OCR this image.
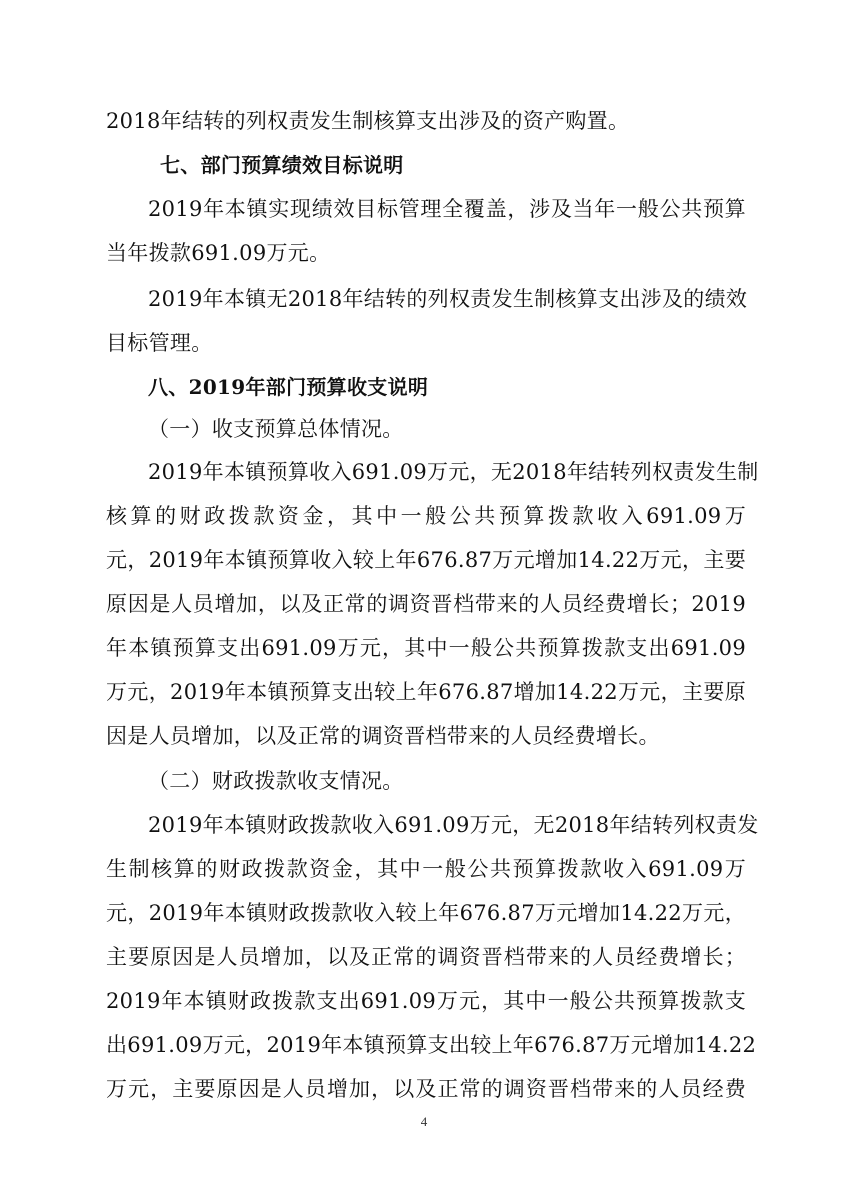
2018年结转的列权责发生制核算支出涉及的资产购置。
七、部门预算绩效目标说明
2019年本镇实现绩效目标管理全覆盖，涉及当年一般公共预算
当年拨款691.09万元。
2019年本镇无2018年结转的列权责发生制核算支出涉及的绩效
目标管理。
八、2019年部门预算收支说明
（一）收支预算总体情况。
2019年本镇预算收入691.09万元，无2018年结转列权责发生制
核算的财政拨款资金，其中一般公共预算拨款收入691.09万
元，2019年本镇预算收入较上年676.87万元增加14.22万元，主要
原因是人员增加，以及正常的调资晋档带来的人员经费增长；2019
年本镇预算支出691.09万元，其中一般公共预算拨款支出691.09
万元，2019年本镇预算支出较上年676.87增加14.22万元，主要原
因是人员增加，以及正常的调资晋档带来的人员经费增长。
（二）财政拨款收支情况。
2019年本镇财政拨款收入691.09万元，无2018年结转列权责发
生制核算的财政拨款资金，其中一般公共预算拨款收入691.09万
元，2019年本镇财政拨款收入较上年676.87万元增加14.22万元，
主要原因是人员增加，以及正常的调资晋档带来的人员经费增长；
2019年本镇财政拨款支出691.09万元，其中一般公共预算拨款支
出691.09万元，2019年本镇预算支出较上年676.87万元增加14.22
万元，主要原因是人员增加，以及正常的调资晋档带来的人员经费
4
